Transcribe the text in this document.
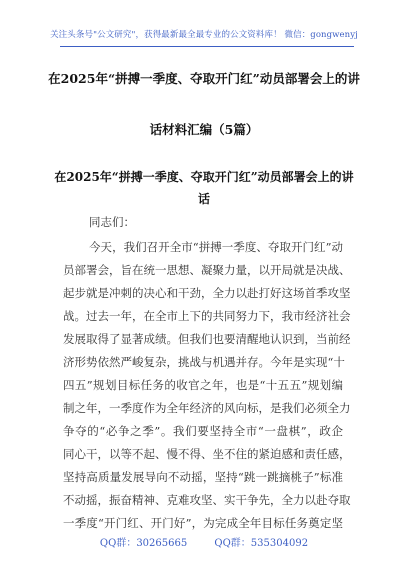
关注头条号"公文研究"，获得最新最全最专业的公文资料库！ 微信：gongwenyj
在2025年“拼搏一季度、夺取开门红”动员部署会上的讲
话材料汇编（5篇）
在2025年“拼搏一季度、夺取开门红”动员部署会上的讲
话
同志们：
今天，我们召开全市“拼搏一季度、夺取开门红”动
员部署会，旨在统一思想、凝聚力量，以开局就是决战、
起步就是冲刺的决心和干劲，全力以赴打好这场首季攻坚
战。过去一年，在全市上下的共同努力下，我市经济社会
发展取得了显著成绩。但我们也要清醒地认识到，当前经
济形势依然严峻复杂，挑战与机遇并存。今年是实现“十
四五”规划目标任务的收官之年，也是“十五五”规划编
制之年，一季度作为全年经济的风向标，是我们必须全力
争夺的“必争之季”。我们要坚持全市“一盘棋”，政企
同心干，以等不起、慢不得、坐不住的紧迫感和责任感，
坚持高质量发展导向不动摇，坚持“跳一跳摘桃子”标准
不动摇，振奋精神、克难攻坚、实干争先，全力以赴夺取
一季度“开门红、开门好”，为完成全年目标任务奠定坚
QQ群：30265665	QQ群：535304092
